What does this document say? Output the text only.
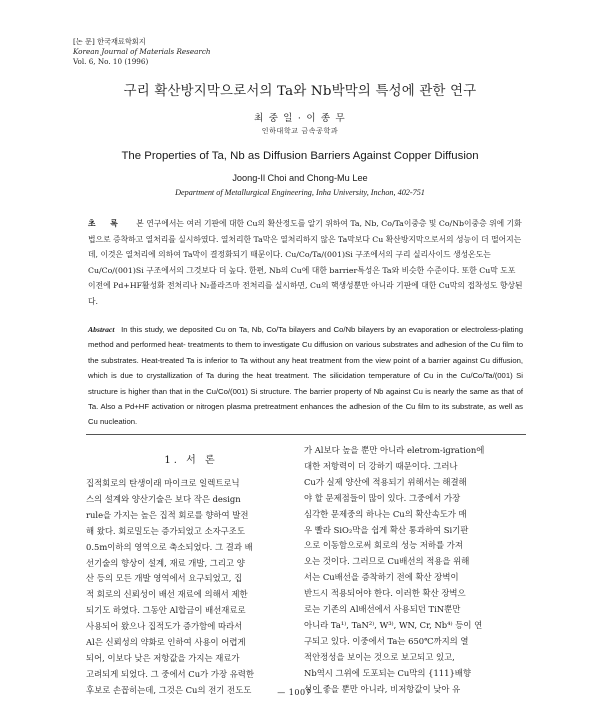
[논 문] 한국재료학회지
Korean Journal of Materials Research
Vol. 6, No. 10 (1996)
구리 확산방지막으로서의 Ta와 Nb박막의 특성에 관한 연구
최 중 일 · 이 종 무
인하대학교 금속공학과
The Properties of Ta, Nb as Diffusion Barriers Against Copper Diffusion
Joong-Il Choi and Chong-Mu Lee
Department of Metallurgical Engineering, Inha University, Inchon, 402-751
초 록 본 연구에서는 여러 기판에 대한 Cu의 확산정도를 알기 위하여 Ta, Nb, Co/Ta이중층 및 Co/Nb이중층 위에 기화법으로 증착하고 열처리를 실시하였다. 열처리한 Ta막은 열처리하지 않은 Ta막보다 Cu 확산방지막으로서의 성능이 더 떨어지는데, 이것은 열처리에 의하여 Ta막이 결정화되기 때문이다. Cu/Co/Ta/(001)Si 구조에서의 구리 실리사이드 생성온도는 Cu/Co/(001)Si 구조에서의 그것보다 더 높다. 한편, Nb의 Cu에 대한 barrier특성은 Ta와 비슷한 수준이다. 또한 Cu막 도포 이전에 Pd+HF활성화 전처리나 N₂플라즈마 전처리를 실시하면, Cu의 핵생성뿐만 아니라 기판에 대한 Cu막의 접착성도 향상된다.
Abstract In this study, we deposited Cu on Ta, Nb, Co/Ta bilayers and Co/Nb bilayers by an evaporation or electroless-plating method and performed heat- treatments to them to investigate Cu diffusion on various substrates and adhesion of the Cu film to the substrates. Heat-treated Ta is inferior to Ta without any heat treatment from the view point of a barrier against Cu diffusion, which is due to crystallization of Ta during the heat treatment. The silicidation temperature of Cu in the Cu/Co/Ta/(001) Si structure is higher than that in the Cu/Co/(001) Si structure. The barrier property of Nb against Cu is nearly the same as that of Ta. Also a Pd+HF activation or nitrogen plasma pretreatment enhances the adhesion of the Cu film to its substrate, as well as Cu nucleation.
1. 서 론
집적회로의 탄생이래 마이크로 일렉트로닉
스의 설계와 양산기술은 보다 작은 design
rule을 가지는 높은 집적 회로를 향하여 발전
해 왔다. 회로밀도는 증가되었고 소자구조도
0.5m이하의 영역으로 축소되었다. 그 결과 배
선기술의 향상이 설계, 재료 개발, 그리고 양
산 등의 모든 개발 영역에서 요구되었고, 집
적 회로의 신뢰성이 배선 재료에 의해서 제한
되기도 하였다. 그동안 Al합금이 배선재료로
사용되어 왔으나 집적도가 증가함에 따라서
Al은 신뢰성의 약화로 인하여 사용이 어렵게
되어, 이보다 낮은 저항값을 가지는 재료가
고려되게 되었다. 그 중에서 Cu가 가장 유력한
후보로 손꼽히는데, 그것은 Cu의 전기 전도도
가 Al보다 높을 뿐만 아니라 eletrom-igration에
대한 저항력이 더 강하기 때문이다. 그러나
Cu가 실제 양산에 적용되기 위해서는 해결해
야 할 문제점들이 많이 있다. 그중에서 가장
심각한 문제중의 하나는 Cu의 확산속도가 매
우 빨라 SiO₂막을 쉽게 확산 통과하여 Si기판
으로 이동함으로써 회로의 성능 저하를 가져
오는 것이다. 그러므로 Cu배선의 적용을 위해
서는 Cu배선을 증착하기 전에 확산 장벽이
반드시 적용되어야 한다. 이러한 확산 장벽으
로는 기존의 Al배선에서 사용되던 TiN뿐만
아니라 Ta¹⁾, TaN²⁾, W³⁾, WN, Cr, Nb⁴⁾ 등이 연
구되고 있다. 이중에서 Ta는 650℃까지의 열
적안정성을 보이는 것으로 보고되고 있고,
Nb역시 그위에 도포되는 Cu막의 {111}배향
성이 좋을 뿐만 아니라, 비저항값이 낮아 유
— 1007 —
